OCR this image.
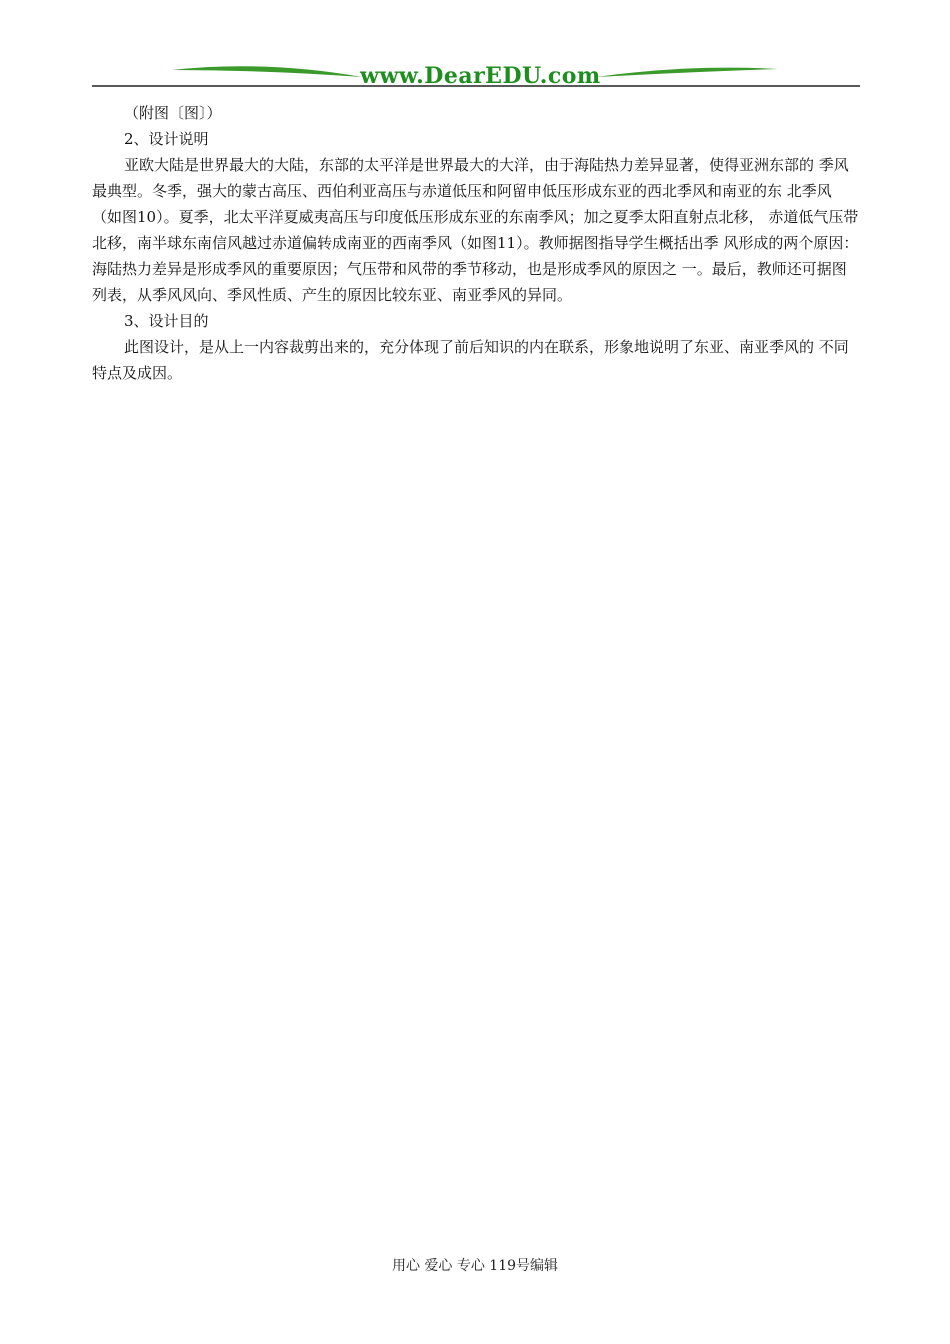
www.DearEDU.com

（附图〔图〕）

2、设计说明

亚欧大陆是世界最大的大陆，东部的太平洋是世界最大的大洋，由于海陆热力差异显著，使得亚洲东部的 季风最典型。冬季，强大的蒙古高压、西伯利亚高压与赤道低压和阿留申低压形成东亚的西北季风和南亚的东 北季风（如图10）。夏季，北太平洋夏威夷高压与印度低压形成东亚的东南季风；加之夏季太阳直射点北移， 赤道低气压带北移，南半球东南信风越过赤道偏转成南亚的西南季风（如图11）。教师据图指导学生概括出季 风形成的两个原因：海陆热力差异是形成季风的重要原因；气压带和风带的季节移动，也是形成季风的原因之 一。最后，教师还可据图列表，从季风风向、季风性质、产生的原因比较东亚、南亚季风的异同。

3、设计目的

此图设计，是从上一内容裁剪出来的，充分体现了前后知识的内在联系，形象地说明了东亚、南亚季风的 不同特点及成因。

用心 爱心 专心 119号编辑
